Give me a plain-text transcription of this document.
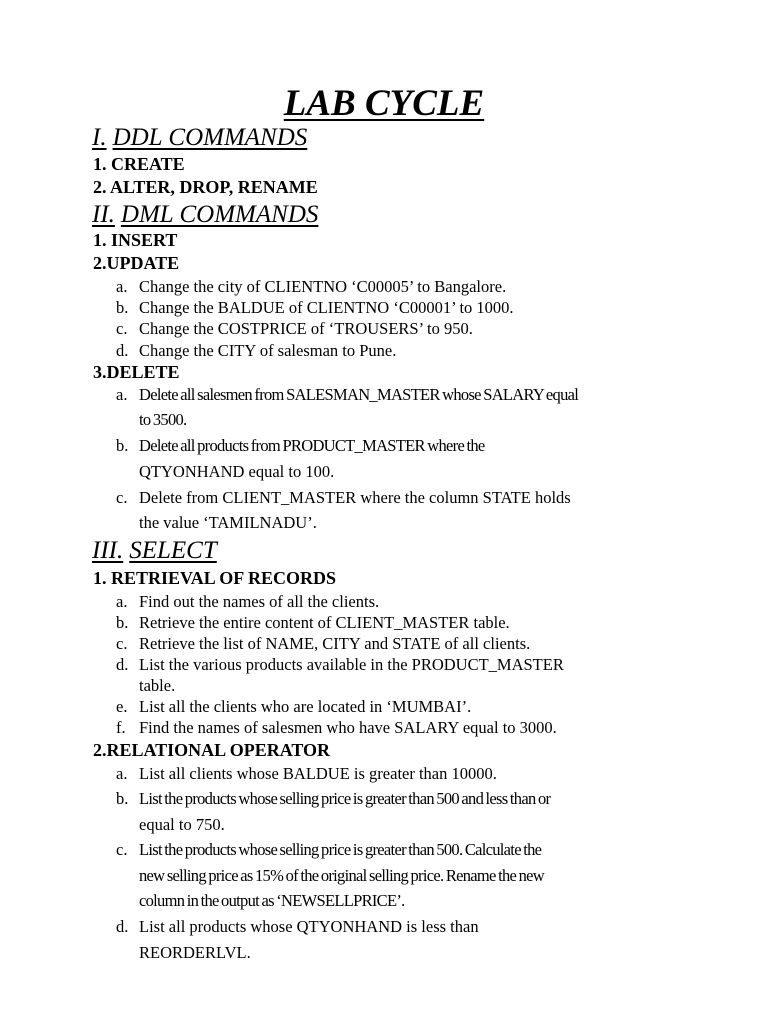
LAB CYCLE
I. DDL COMMANDS
1. CREATE
2. ALTER, DROP, RENAME
II. DML COMMANDS
1. INSERT
2.UPDATE
a. Change the city of CLIENTNO ‘C00005’ to Bangalore.
b. Change the BALDUE of CLIENTNO ‘C00001’ to 1000.
c. Change the COSTPRICE of ‘TROUSERS’ to 950.
d. Change the CITY of salesman to Pune.
3.DELETE
a. Delete all salesmen from SALESMAN_MASTER whose SALARY equal
to 3500.
b. Delete all products from PRODUCT_MASTER where the
QTYONHAND equal to 100.
c. Delete from CLIENT_MASTER where the column STATE holds
the value ‘TAMILNADU’.
III. SELECT
1. RETRIEVAL OF RECORDS
a. Find out the names of all the clients.
b. Retrieve the entire content of CLIENT_MASTER table.
c. Retrieve the list of NAME, CITY and STATE of all clients.
d. List the various products available in the PRODUCT_MASTER
table.
e. List all the clients who are located in ‘MUMBAI’.
f. Find the names of salesmen who have SALARY equal to 3000.
2.RELATIONAL OPERATOR
a. List all clients whose BALDUE is greater than 10000.
b. List the products whose selling price is greater than 500 and less than or
equal to 750.
c. List the products whose selling price is greater than 500. Calculate the
new selling price as 15% of the original selling price. Rename the new
column in the output as ‘NEWSELLPRICE’.
d. List all products whose QTYONHAND is less than
REORDERLVL.
